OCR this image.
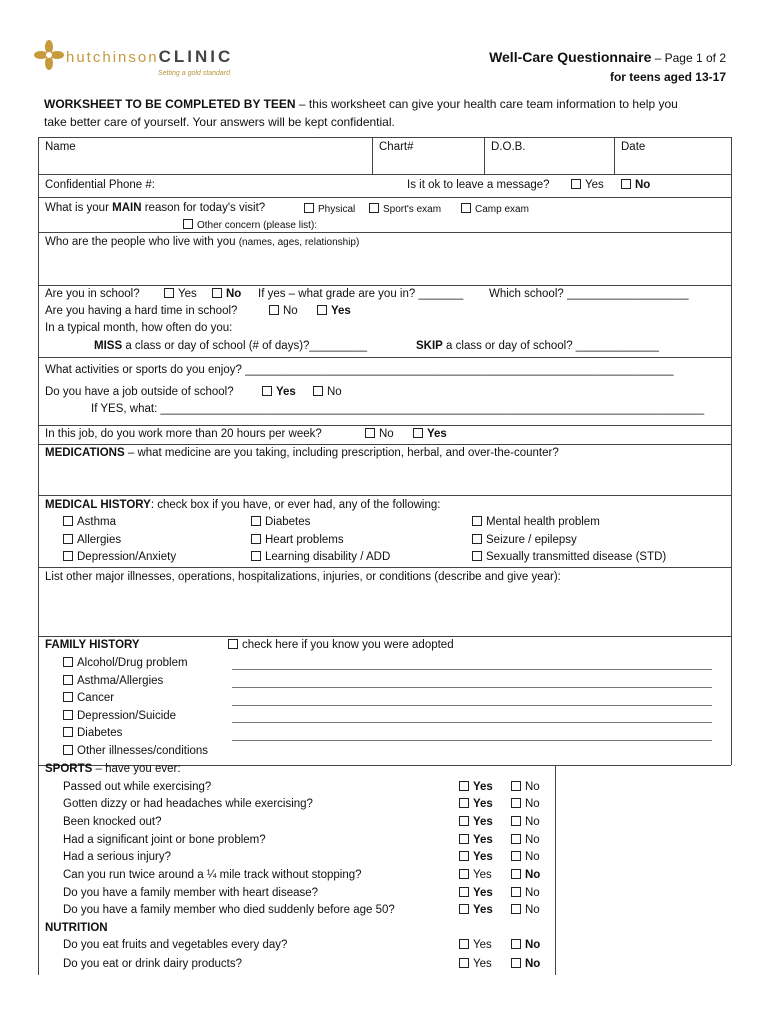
hutchinsonCLINIC
Setting a gold standard
Well-Care Questionnaire – Page 1 of 2
for teens aged 13-17
WORKSHEET TO BE COMPLETED BY TEEN – this worksheet can give your health care team information to help you
take better care of yourself. Your answers will be kept confidential.
Name	Chart#	D.O.B.	Date
Confidential Phone #:	Is it ok to leave a message?	Yes	No
What is your MAIN reason for today's visit?	Physical	Sport's exam	Camp exam
Other concern (please list):
Who are the people who live with you (names, ages, relationship)
Are you in school?	Yes	No If yes – what grade are you in? _______ Which school? ___________________
Are you having a hard time in school?	No	Yes
In a typical month, how often do you:
MISS a class or day of school (# of days)?_________	SKIP a class or day of school? _____________
What activities or sports do you enjoy? ___________________________________________________________________
Do you have a job outside of school?	Yes	No
If YES, what: _____________________________________________________________________________________
In this job, do you work more than 20 hours per week?	No	Yes
MEDICATIONS – what medicine are you taking, including prescription, herbal, and over-the-counter?
MEDICAL HISTORY: check box if you have, or ever had, any of the following:
Asthma	Diabetes	Mental health problem
Allergies	Heart problems	Seizure / epilepsy
Depression/Anxiety	Learning disability / ADD	Sexually transmitted disease (STD)
List other major illnesses, operations, hospitalizations, injuries, or conditions (describe and give year):
FAMILY HISTORY	check here if you know you were adopted
Alcohol/Drug problem
Asthma/Allergies
Cancer
Depression/Suicide
Diabetes
Other illnesses/conditions
SPORTS – have you ever:
Passed out while exercising?	Yes	No
Gotten dizzy or had headaches while exercising?	Yes	No
Been knocked out?	Yes	No
Had a significant joint or bone problem?	Yes	No
Had a serious injury?	Yes	No
Can you run twice around a ¼ mile track without stopping?	Yes	No
Do you have a family member with heart disease?	Yes	No
Do you have a family member who died suddenly before age 50?	Yes	No
NUTRITION
Do you eat fruits and vegetables every day?	Yes	No
Do you eat or drink dairy products?	Yes	No
